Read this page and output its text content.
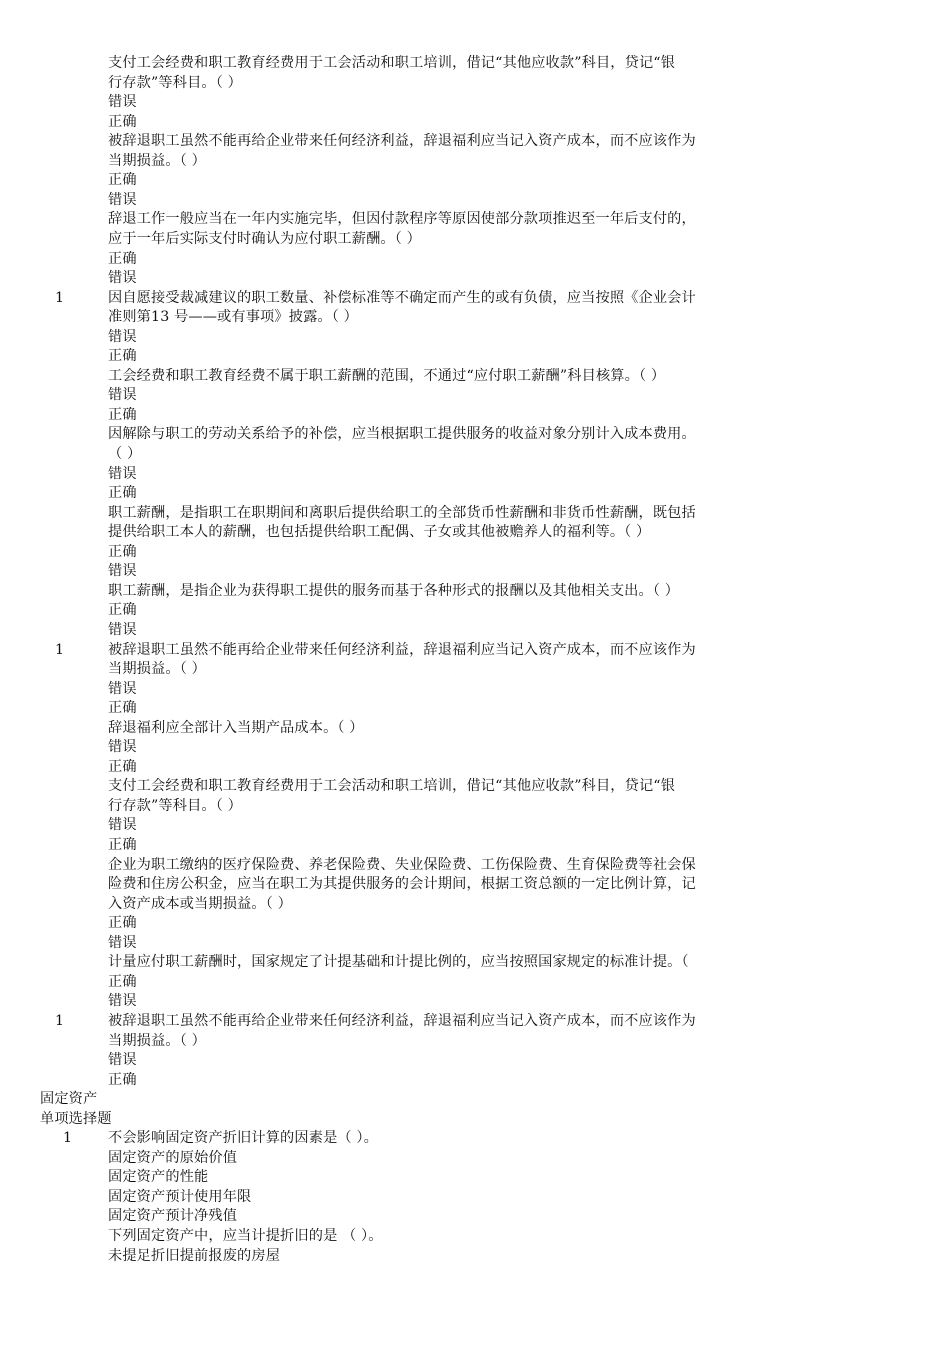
支付工会经费和职工教育经费用于工会活动和职工培训，借记“其他应收款”科目，贷记“银
行存款”等科目。（ ）
错误
正确
被辞退职工虽然不能再给企业带来任何经济利益，辞退福利应当记入资产成本，而不应该作为
当期损益。（ ）
正确
错误
辞退工作一般应当在一年内实施完毕，但因付款程序等原因使部分款项推迟至一年后支付的，
应于一年后实际支付时确认为应付职工薪酬。（ ）
正确
错误
1	因自愿接受裁减建议的职工数量、补偿标准等不确定而产生的或有负债，应当按照《企业会计
准则第13 号——或有事项》披露。（ ）
错误
正确
工会经费和职工教育经费不属于职工薪酬的范围，不通过“应付职工薪酬”科目核算。（ ）
错误
正确
因解除与职工的劳动关系给予的补偿，应当根据职工提供服务的收益对象分别计入成本费用。
（ ）
错误
正确
职工薪酬，是指职工在职期间和离职后提供给职工的全部货币性薪酬和非货币性薪酬，既包括
提供给职工本人的薪酬，也包括提供给职工配偶、子女或其他被赡养人的福利等。（ ）
正确
错误
职工薪酬，是指企业为获得职工提供的服务而基于各种形式的报酬以及其他相关支出。（ ）
正确
错误
1	被辞退职工虽然不能再给企业带来任何经济利益，辞退福利应当记入资产成本，而不应该作为
当期损益。（ ）
错误
正确
辞退福利应全部计入当期产品成本。（ ）
错误
正确
支付工会经费和职工教育经费用于工会活动和职工培训，借记“其他应收款”科目，贷记“银
行存款”等科目。（ ）
错误
正确
企业为职工缴纳的医疗保险费、养老保险费、失业保险费、工伤保险费、生育保险费等社会保
险费和住房公积金，应当在职工为其提供服务的会计期间，根据工资总额的一定比例计算，记
入资产成本或当期损益。（ ）
正确
错误
计量应付职工薪酬时，国家规定了计提基础和计提比例的，应当按照国家规定的标准计提。（
正确
错误
1	被辞退职工虽然不能再给企业带来任何经济利益，辞退福利应当记入资产成本，而不应该作为
当期损益。（ ）
错误
正确
固定资产
单项选择题
1	不会影响固定资产折旧计算的因素是（ ）。
固定资产的原始价值
固定资产的性能
固定资产预计使用年限
固定资产预计净残值
下列固定资产中，应当计提折旧的是 （ ）。
未提足折旧提前报废的房屋
